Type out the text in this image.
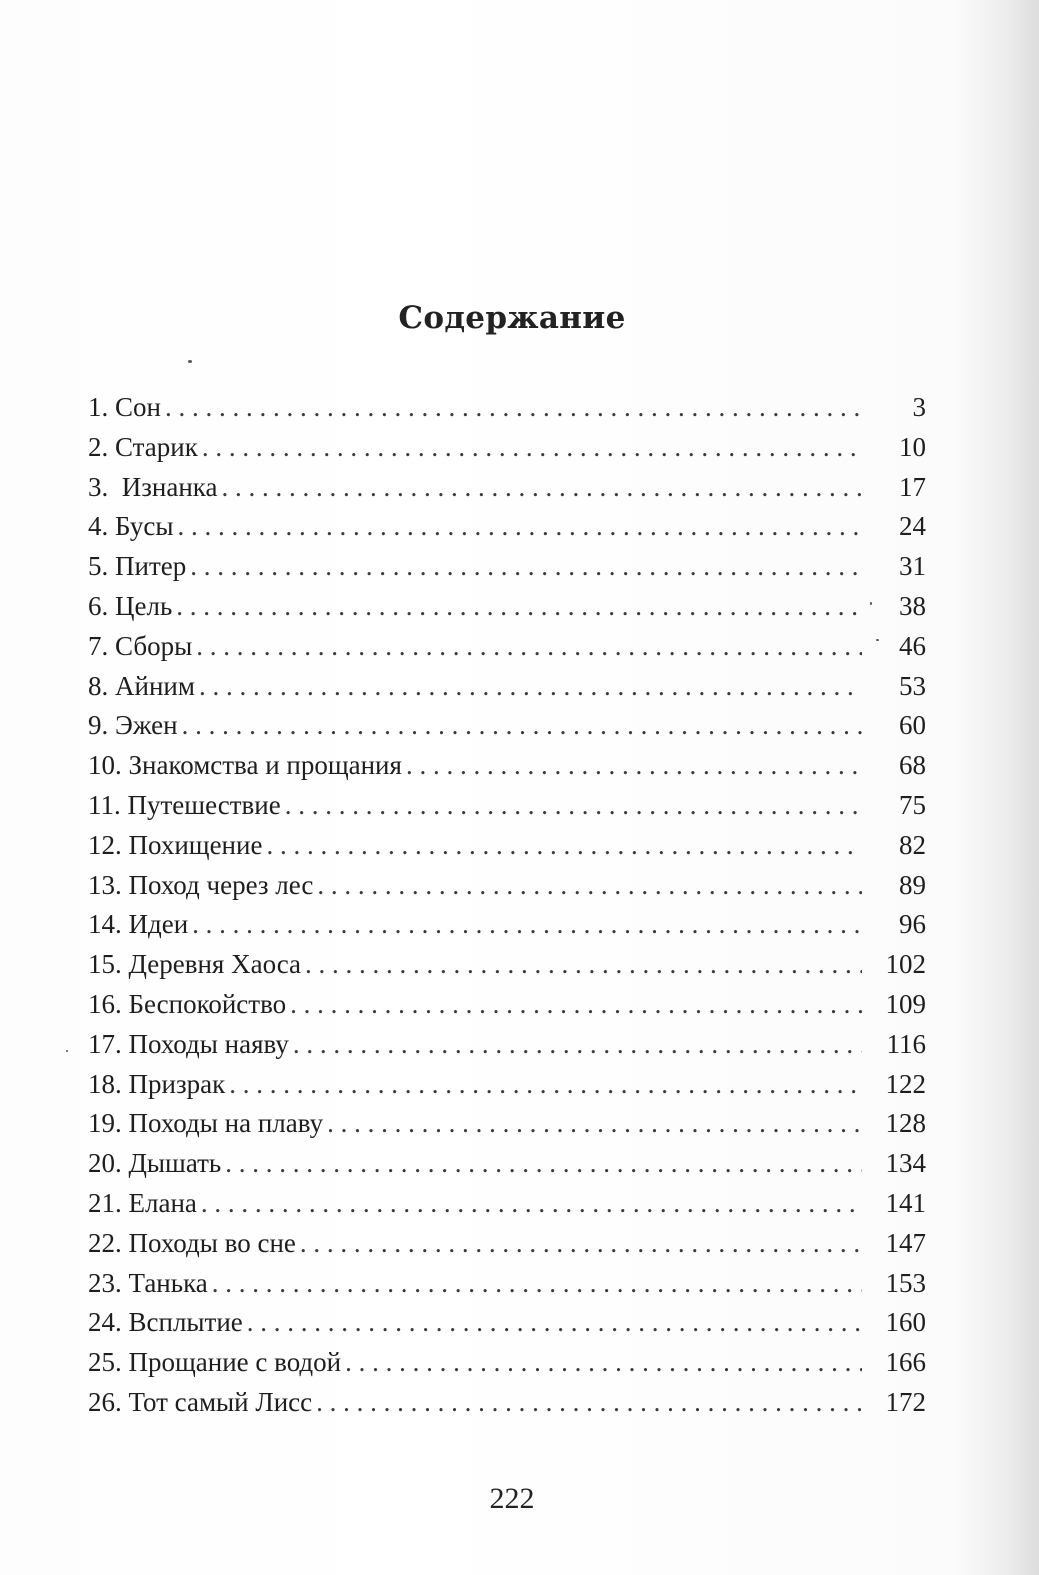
Содержание
1. Сон . . .	3
2. Старик . . .	10
3.  Изнанка . . .	17
4. Бусы . . .	24
5. Питер . . .	31
6. Цель . . .	38
7. Сборы . . .	46
8. Айним . . .	53
9. Эжен . . .	60
10. Знакомства и прощания . . .	68
11. Путешествие . . .	75
12. Похищение . . .	82
13. Поход через лес . . .	89
14. Идеи . . .	96
15. Деревня Хаоса . . .	102
16. Беспокойство . . .	109
17. Походы наяву . . .	116
18. Призрак . . .	122
19. Походы на плаву . . .	128
20. Дышать . . .	134
21. Елана . . .	141
22. Походы во сне . . .	147
23. Танька . . .	153
24. Всплытие . . .	160
25. Прощание с водой . . .	166
26. Тот самый Лисс . . .	172
222
